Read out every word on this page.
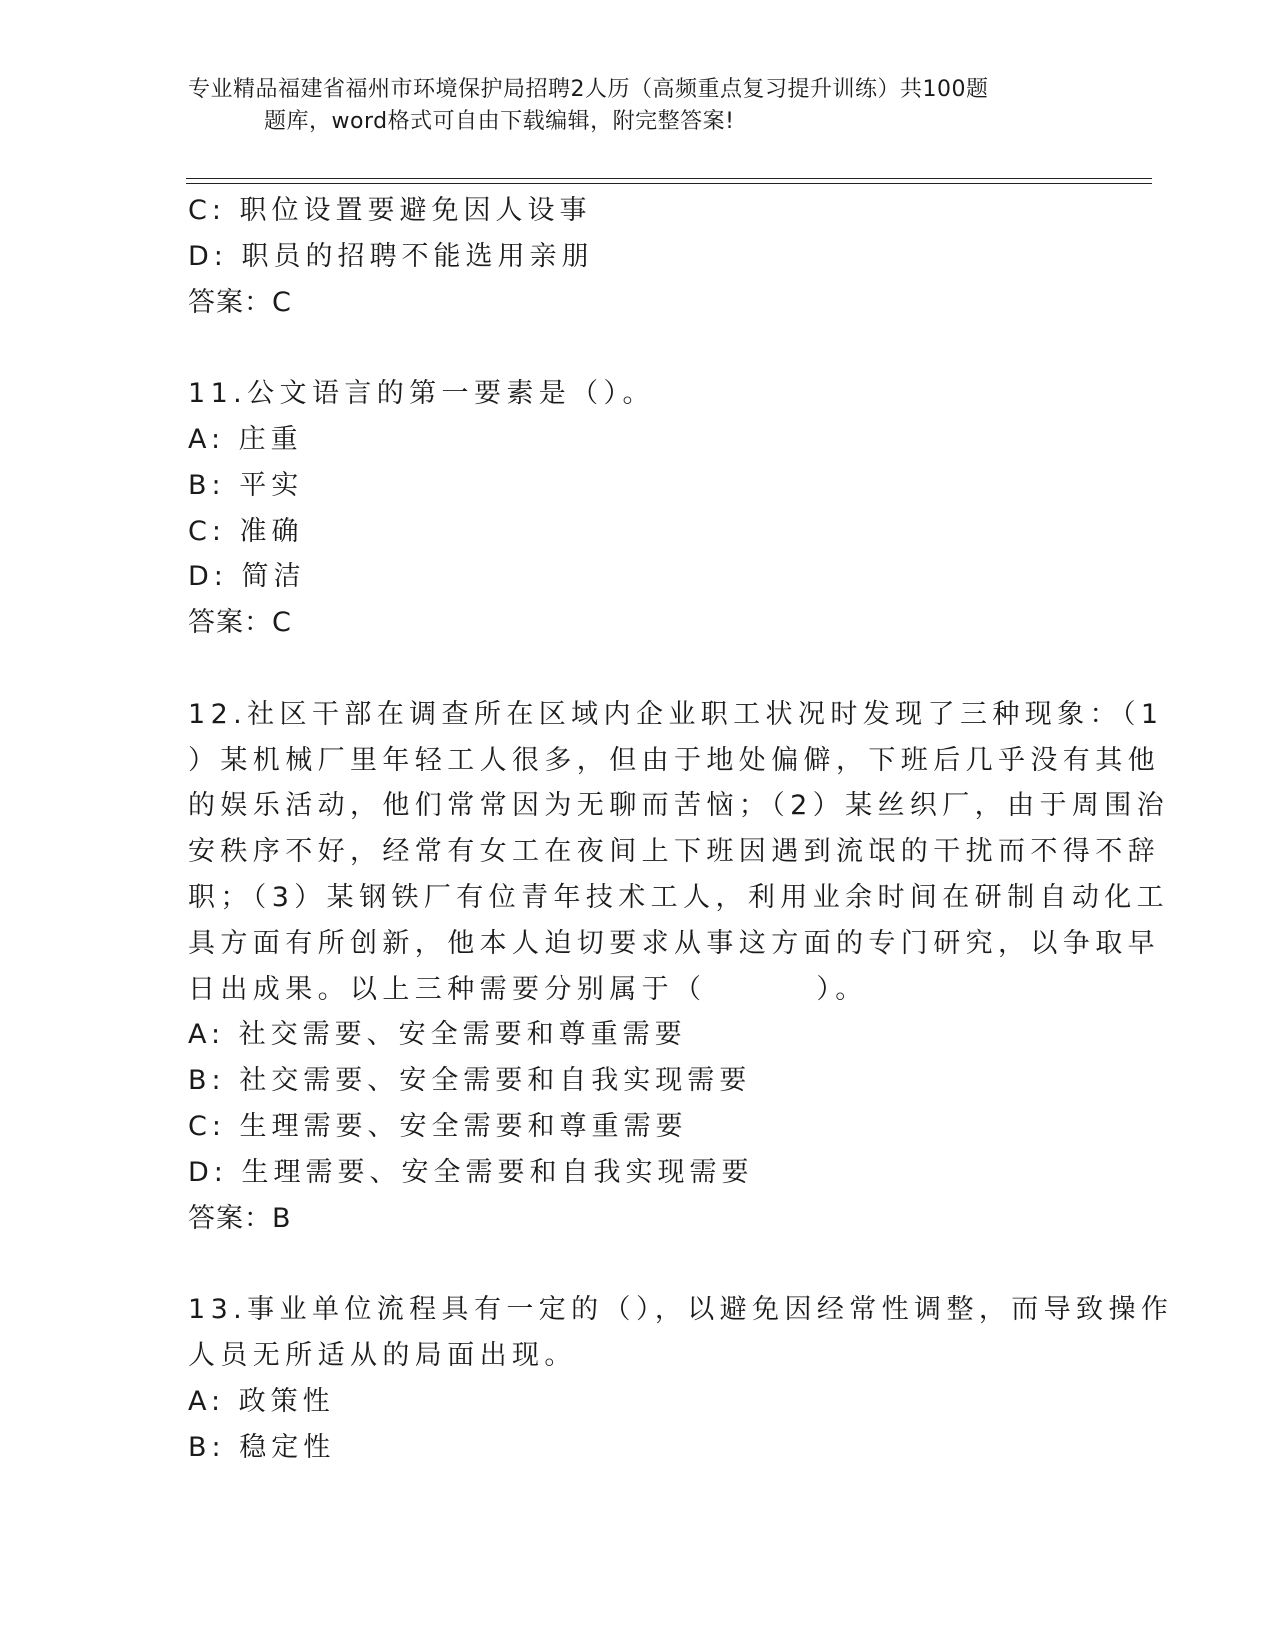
专业精品福建省福州市环境保护局招聘2人历（高频重点复习提升训练）共100题
题库，word格式可自由下载编辑，附完整答案!
C: 职位设置要避免因人设事
D: 职员的招聘不能选用亲朋
答案：C
11.公文语言的第一要素是（）。
A: 庄重
B: 平实
C: 准确
D: 简洁
答案：C
12.社区干部在调查所在区域内企业职工状况时发现了三种现象：（1
）某机械厂里年轻工人很多，但由于地处偏僻，下班后几乎没有其他
的娱乐活动，他们常常因为无聊而苦恼；（2）某丝织厂，由于周围治
安秩序不好，经常有女工在夜间上下班因遇到流氓的干扰而不得不辞
职；（3）某钢铁厂有位青年技术工人，利用业余时间在研制自动化工
具方面有所创新，他本人迫切要求从事这方面的专门研究，以争取早
日出成果。以上三种需要分别属于（	）。
A: 社交需要、安全需要和尊重需要
B: 社交需要、安全需要和自我实现需要
C: 生理需要、安全需要和尊重需要
D: 生理需要、安全需要和自我实现需要
答案：B
13.事业单位流程具有一定的（），以避免因经常性调整，而导致操作
人员无所适从的局面出现。
A: 政策性
B: 稳定性
